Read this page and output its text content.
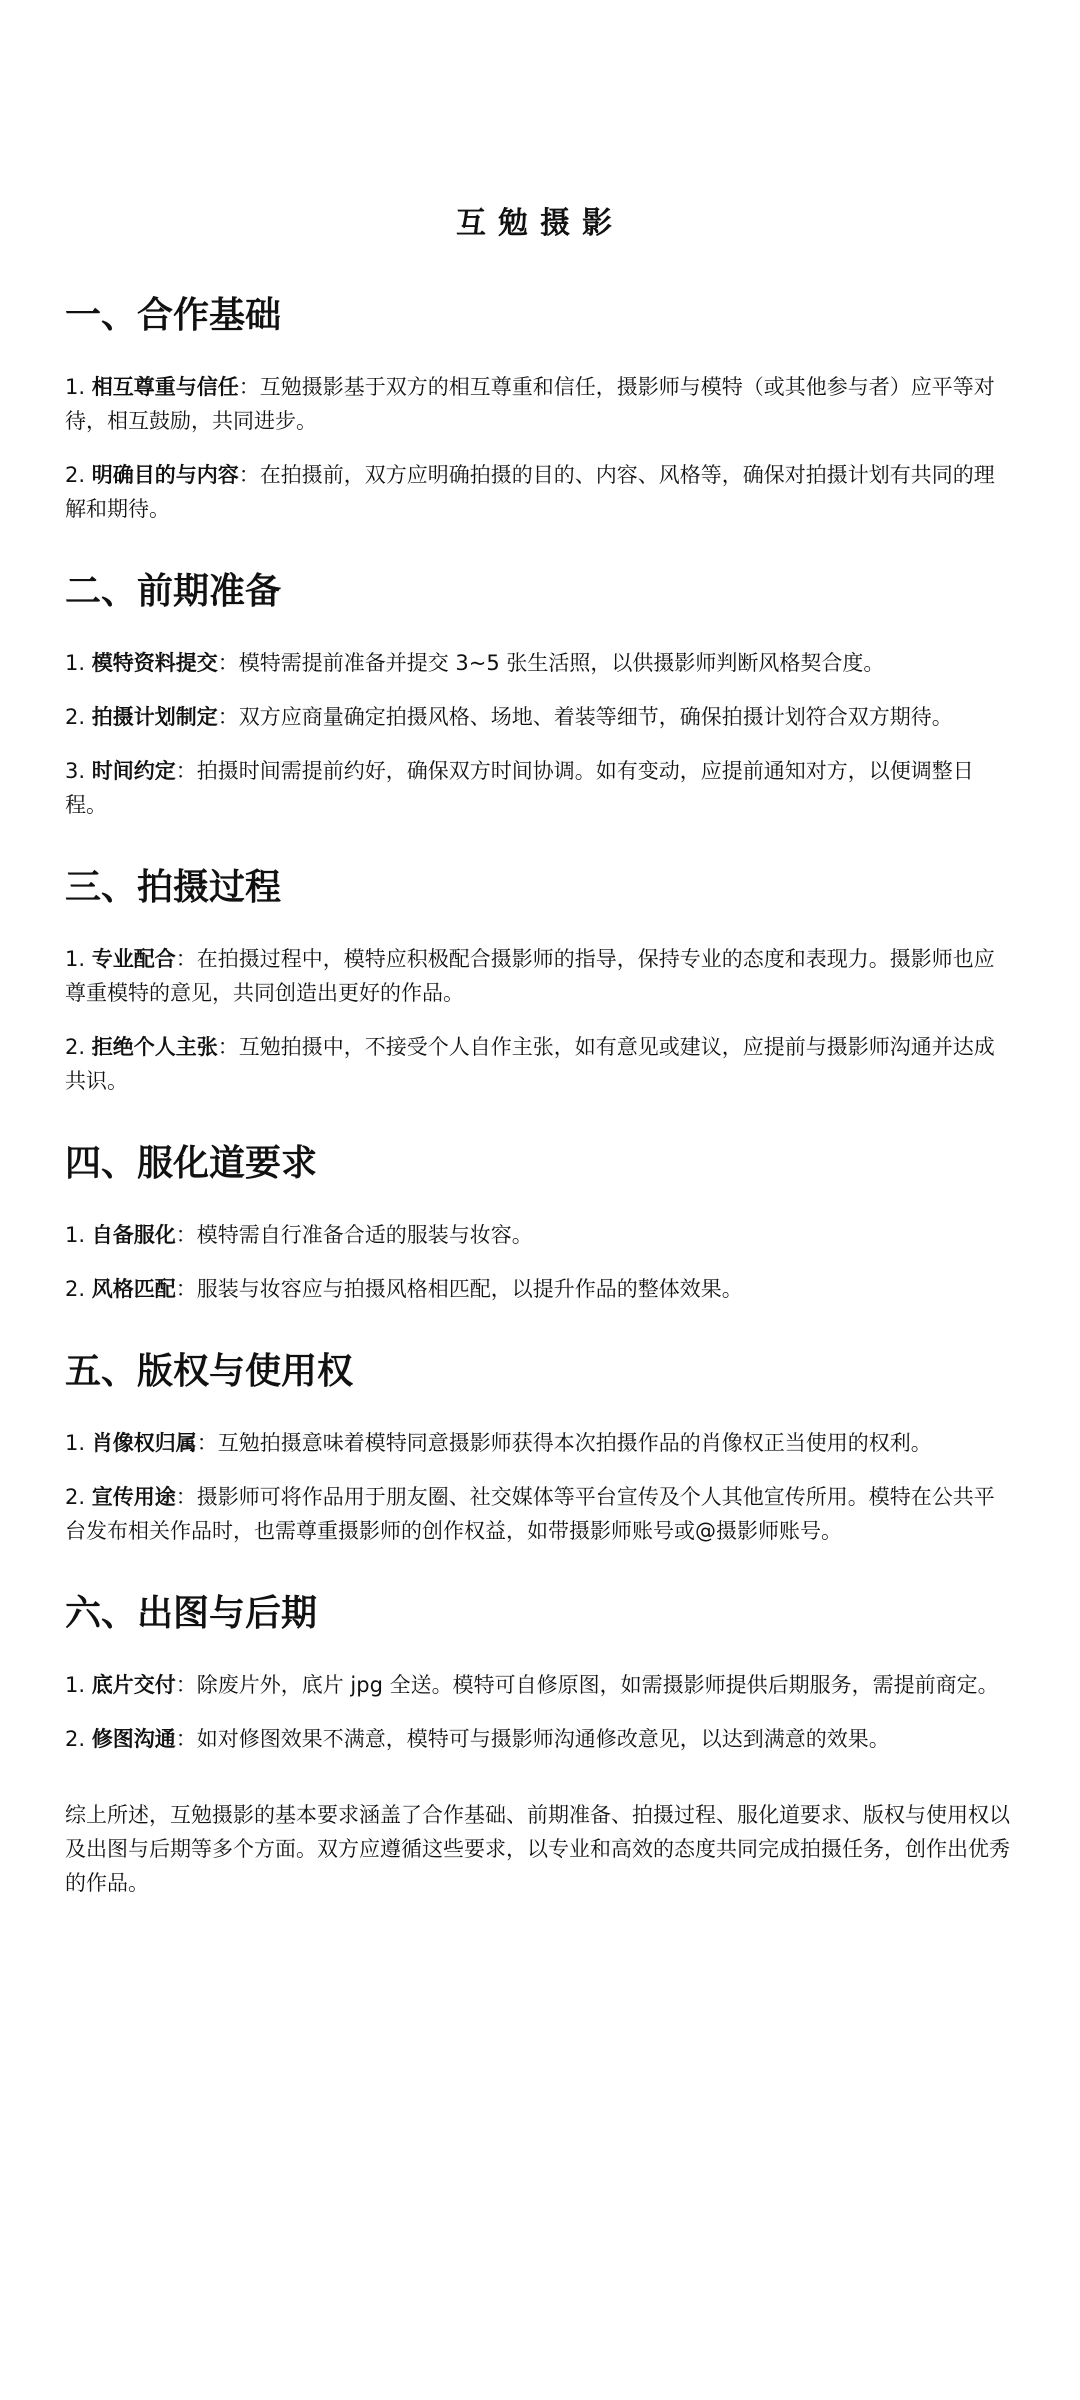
互勉摄影
一、合作基础

1. 相互尊重与信任：互勉摄影基于双方的相互尊重和信任，摄影师与模特（或其他参与者）应平等对待，相互鼓励，共同进步。

2. 明确目的与内容：在拍摄前，双方应明确拍摄的目的、内容、风格等，确保对拍摄计划有共同的理解和期待。

二、前期准备

1. 模特资料提交：模特需提前准备并提交 3~5 张生活照，以供摄影师判断风格契合度。

2. 拍摄计划制定：双方应商量确定拍摄风格、场地、着装等细节，确保拍摄计划符合双方期待。

3. 时间约定：拍摄时间需提前约好，确保双方时间协调。如有变动，应提前通知对方，以便调整日程。

三、拍摄过程

1. 专业配合：在拍摄过程中，模特应积极配合摄影师的指导，保持专业的态度和表现力。摄影师也应尊重模特的意见，共同创造出更好的作品。

2. 拒绝个人主张：互勉拍摄中，不接受个人自作主张，如有意见或建议，应提前与摄影师沟通并达成共识。

四、服化道要求

1. 自备服化：模特需自行准备合适的服装与妆容。

2. 风格匹配：服装与妆容应与拍摄风格相匹配，以提升作品的整体效果。

五、版权与使用权

1. 肖像权归属：互勉拍摄意味着模特同意摄影师获得本次拍摄作品的肖像权正当使用的权利。

2. 宣传用途：摄影师可将作品用于朋友圈、社交媒体等平台宣传及个人其他宣传所用。模特在公共平台发布相关作品时，也需尊重摄影师的创作权益，如带摄影师账号或@摄影师账号。

六、出图与后期

1. 底片交付：除废片外，底片 jpg 全送。模特可自修原图，如需摄影师提供后期服务，需提前商定。

2. 修图沟通：如对修图效果不满意，模特可与摄影师沟通修改意见，以达到满意的效果。

综上所述，互勉摄影的基本要求涵盖了合作基础、前期准备、拍摄过程、服化道要求、版权与使用权以及出图与后期等多个方面。双方应遵循这些要求，以专业和高效的态度共同完成拍摄任务，创作出优秀的作品。
